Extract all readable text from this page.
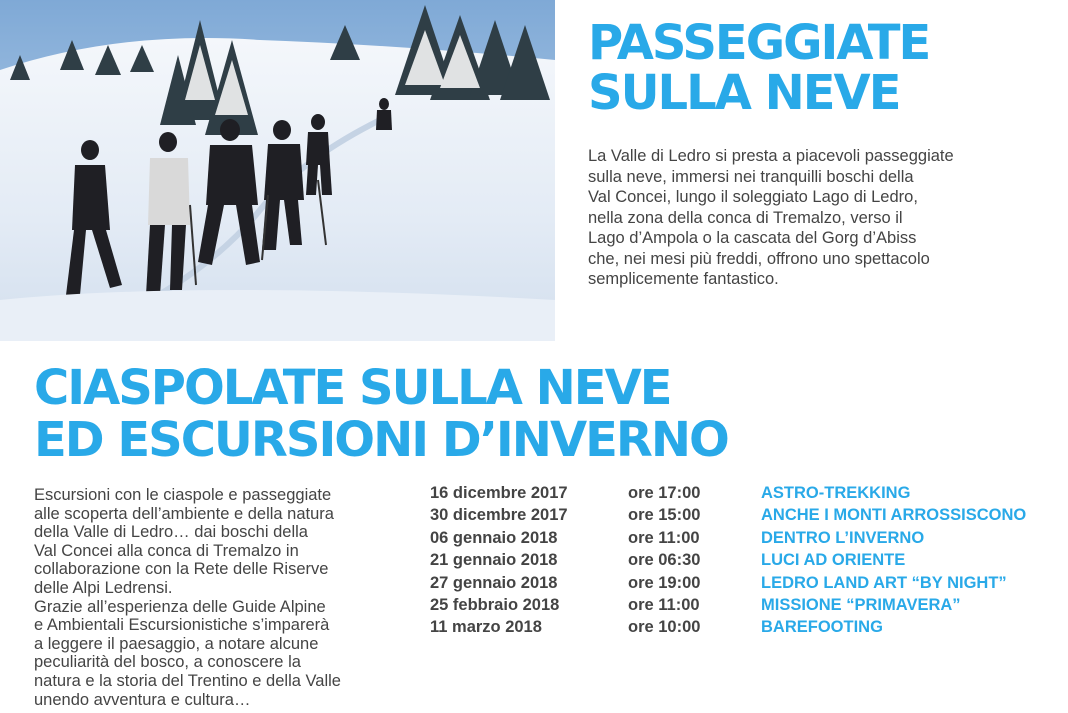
PASSEGGIATE
SULLA NEVE

La Valle di Ledro si presta a piacevoli passeggiate
sulla neve, immersi nei tranquilli boschi della
Val Concei, lungo il soleggiato Lago di Ledro,
nella zona della conca di Tremalzo, verso il
Lago d’Ampola o la cascata del Gorg d’Abiss
che, nei mesi più freddi, offrono uno spettacolo
semplicemente fantastico.

CIASPOLATE SULLA NEVE
ED ESCURSIONI D’INVERNO

Escursioni con le ciaspole e passeggiate
alle scoperta dell’ambiente e della natura
della Valle di Ledro… dai boschi della
Val Concei alla conca di Tremalzo in
collaborazione con la Rete delle Riserve
delle Alpi Ledrensi.
Grazie all’esperienza delle Guide Alpine
e Ambientali Escursionistiche s’imparerà
a leggere il paesaggio, a notare alcune
peculiarità del bosco, a conoscere la
natura e la storia del Trentino e della Valle
unendo avventura e cultura…

16 dicembre 2017	ore 17:00	ASTRO-TREKKING
30 dicembre 2017	ore 15:00	ANCHE I MONTI ARROSSISCONO
06 gennaio 2018	ore 11:00	DENTRO L’INVERNO
21 gennaio 2018	ore 06:30	LUCI AD ORIENTE
27 gennaio 2018	ore 19:00	LEDRO LAND ART “BY NIGHT”
25 febbraio 2018	ore 11:00	MISSIONE “PRIMAVERA”
11 marzo 2018	ore 10:00	BAREFOOTING
